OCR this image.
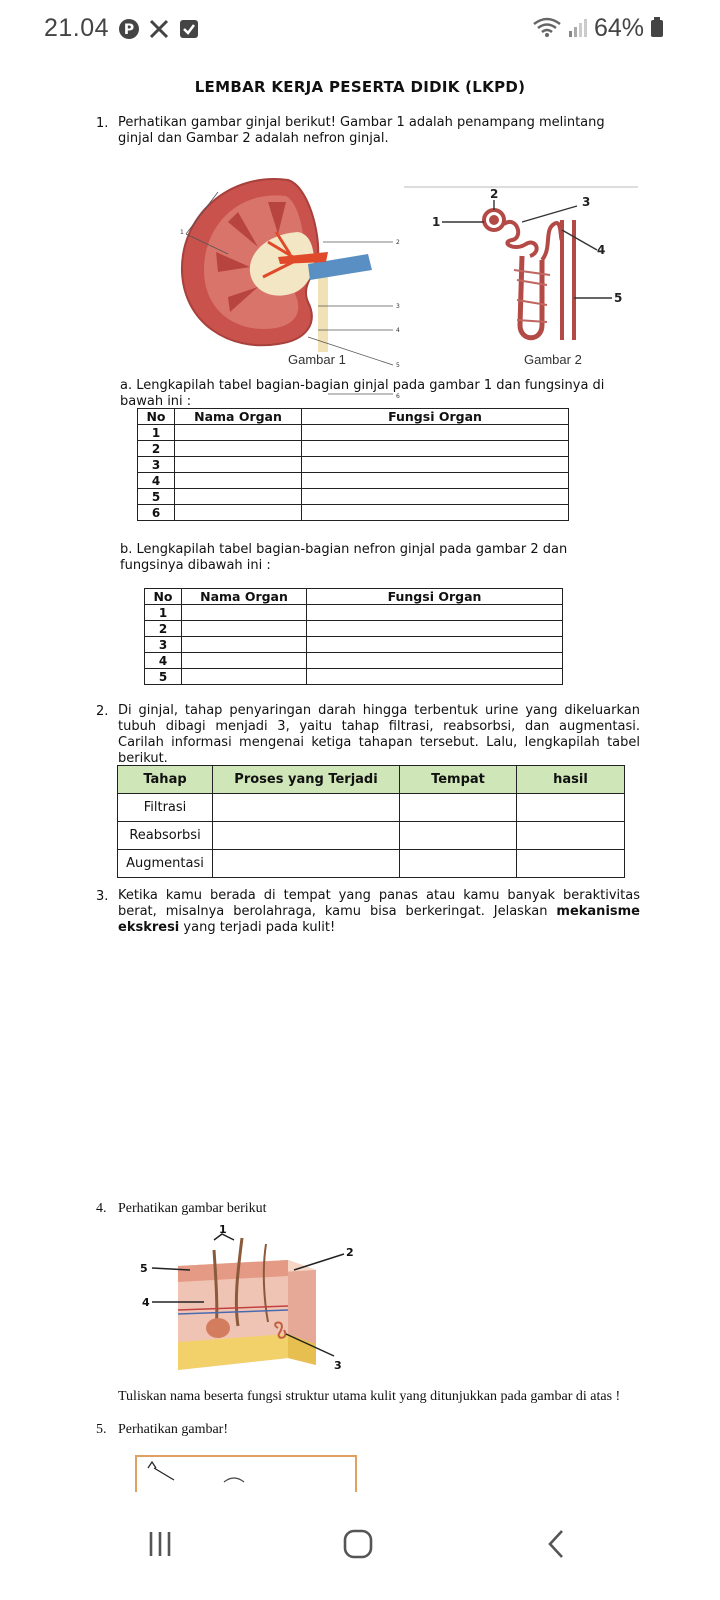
21.04 P	64%
LEMBAR KERJA PESERTA DIDIK (LKPD)
1. Perhatikan gambar ginjal berikut! Gambar 1 adalah penampang melintang ginjal dan Gambar 2 adalah nefron ginjal.
1
2
3
4
5
6
Gambar 1
1
2
3
4
5
Gambar 2
a. Lengkapilah tabel bagian-bagian ginjal pada gambar 1 dan fungsinya di bawah ini :
No	Nama Organ	Fungsi Organ
1		
2		
3		
4		
5		
6		
b. Lengkapilah tabel bagian-bagian nefron ginjal pada gambar 2 dan fungsinya dibawah ini :
No	Nama Organ	Fungsi Organ
1		
2		
3		
4		
5		
2. Di ginjal, tahap penyaringan darah hingga terbentuk urine yang dikeluarkan tubuh dibagi menjadi 3, yaitu tahap filtrasi, reabsorbsi, dan augmentasi. Carilah informasi mengenai ketiga tahapan tersebut. Lalu, lengkapilah tabel berikut.
Tahap	Proses yang Terjadi	Tempat	hasil
Filtrasi			
Reabsorbsi			
Augmentasi			
3. Ketika kamu berada di tempat yang panas atau kamu banyak beraktivitas berat, misalnya berolahraga, kamu bisa berkeringat. Jelaskan mekanisme ekskresi yang terjadi pada kulit!
4. Perhatikan gambar berikut
1
2
3
4
5
Tuliskan nama beserta fungsi struktur utama kulit yang ditunjukkan pada gambar di atas !
5. Perhatikan gambar!
